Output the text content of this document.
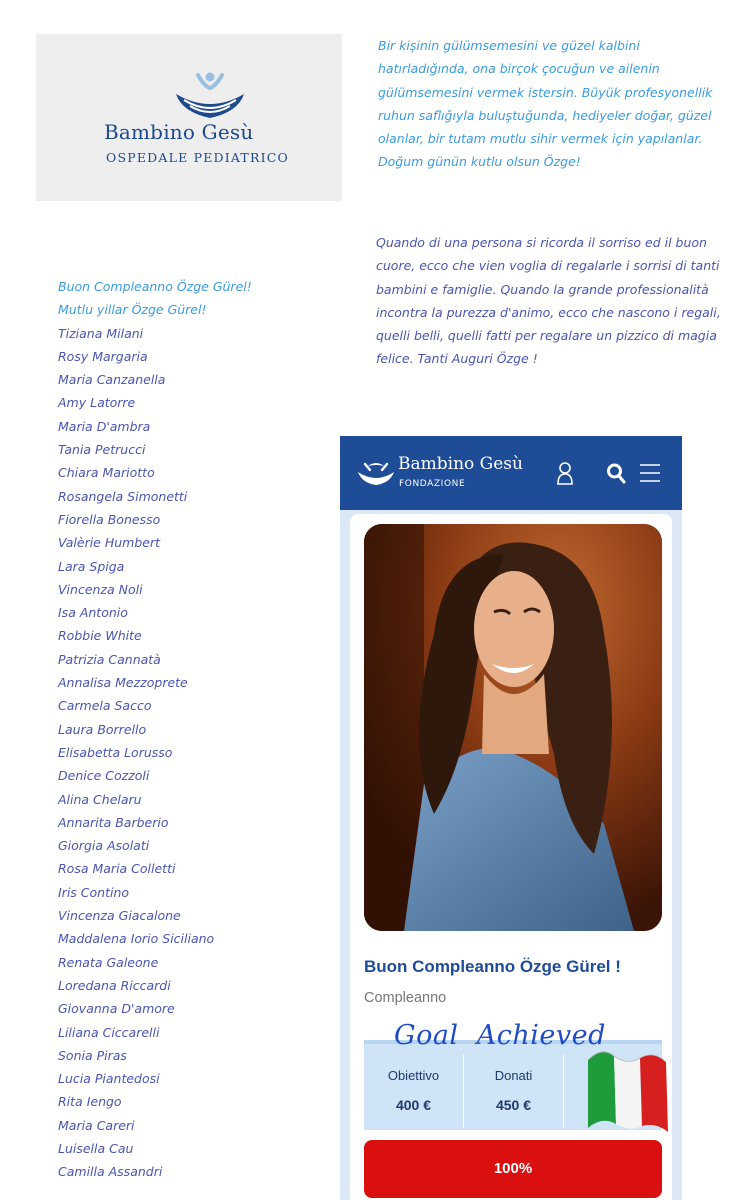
Bambino Gesù
OSPEDALE PEDIATRICO

Bir kişinin gülümsemesini ve güzel kalbini hatırladığında, ona birçok çocuğun ve ailenin gülümsemesini vermek istersin. Büyük profesyonellik ruhun saflığıyla buluştuğunda, hediyeler doğar, güzel olanlar, bir tutam mutlu sihir vermek için yapılanlar. Doğum günün kutlu olsun Özge!

Quando di una persona si ricorda il sorriso ed il buon cuore, ecco che vien voglia di regalarle i sorrisi di tanti bambini e famiglie. Quando la grande professionalità incontra la purezza d'animo, ecco che nascono i regali, quelli belli, quelli fatti per regalare un pizzico di magia felice. Tanti Auguri Özge !

Buon Compleanno Özge Gürel!
Mutlu yillar Özge Gürel!
Tiziana Milani
Rosy Margaria
Maria Canzanella
Amy Latorre
Maria D'ambra
Tania Petrucci
Chiara Mariotto
Rosangela Simonetti
Fiorella Bonesso
Valèrie Humbert
Lara Spiga
Vincenza Noli
Isa Antonio
Robbie White
Patrizia Cannatà
Annalisa Mezzoprete
Carmela Sacco
Laura Borrello
Elisabetta Lorusso
Denice Cozzoli
Alina Chelaru
Annarita Barberio
Giorgia Asolati
Rosa Maria Colletti
Iris Contino
Vincenza Giacalone
Maddalena Iorio Siciliano
Renata Galeone
Loredana Riccardi
Giovanna D'amore
Liliana Ciccarelli
Sonia Piras
Lucia Piantedosi
Rita Iengo
Maria Careri
Luisella Cau
Camilla Assandri
Bambino Gesù
FONDAZIONE
Buon Compleanno Özge Gürel !
Compleanno
Obiettivo
400 €
Donati
450 €
Goal  Achieved
100%
